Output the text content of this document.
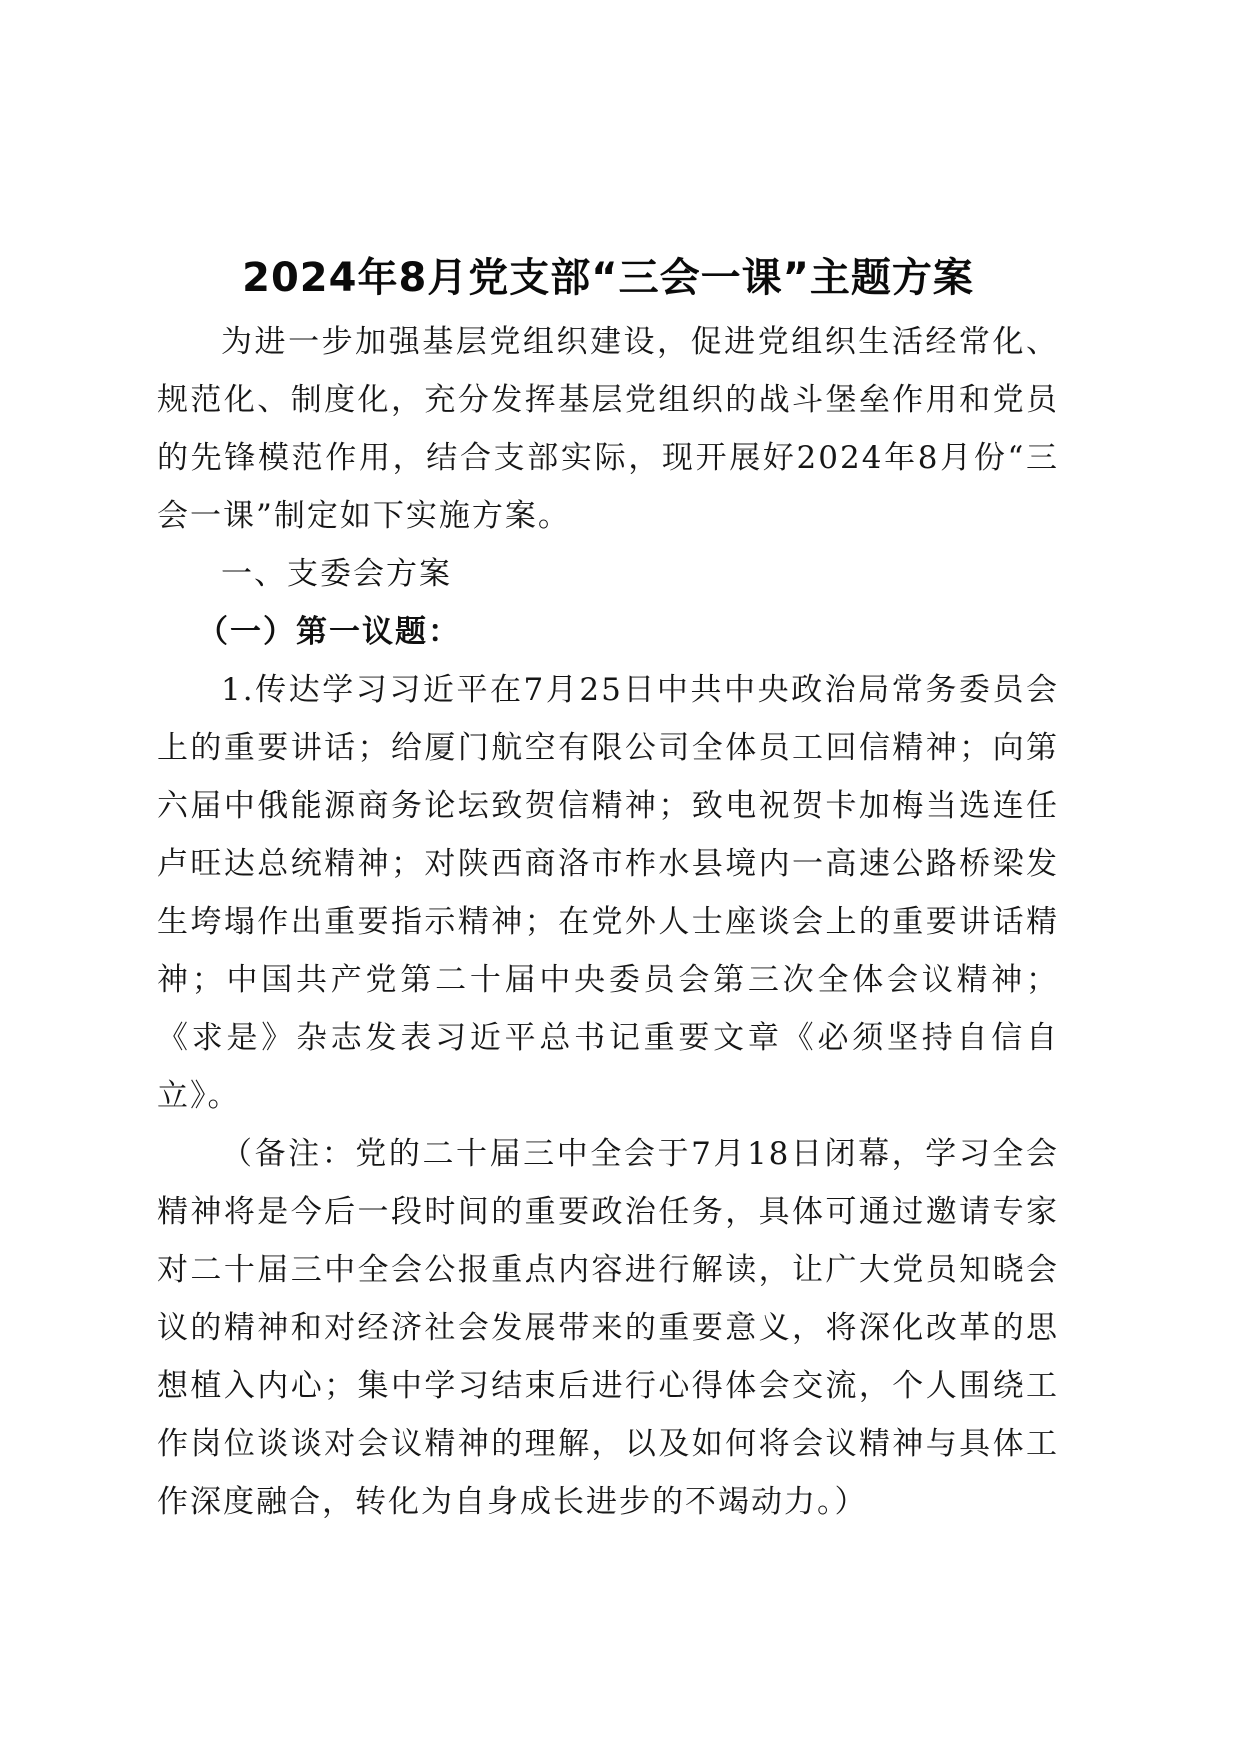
2024年8月党支部“三会一课”主题方案

为进一步加强基层党组织建设，促进党组织生活经常化、规范化、制度化，充分发挥基层党组织的战斗堡垒作用和党员的先锋模范作用，结合支部实际，现开展好2024年8月份“三会一课”制定如下实施方案。

一、支委会方案

（一）第一议题：

1.传达学习习近平在7月25日中共中央政治局常务委员会上的重要讲话；给厦门航空有限公司全体员工回信精神；向第六届中俄能源商务论坛致贺信精神；致电祝贺卡加梅当选连任卢旺达总统精神；对陕西商洛市柞水县境内一高速公路桥梁发生垮塌作出重要指示精神；在党外人士座谈会上的重要讲话精神；中国共产党第二十届中央委员会第三次全体会议精神；《求是》杂志发表习近平总书记重要文章《必须坚持自信自立》。

（备注：党的二十届三中全会于7月18日闭幕，学习全会精神将是今后一段时间的重要政治任务，具体可通过邀请专家对二十届三中全会公报重点内容进行解读，让广大党员知晓会议的精神和对经济社会发展带来的重要意义，将深化改革的思想植入内心；集中学习结束后进行心得体会交流，个人围绕工作岗位谈谈对会议精神的理解，以及如何将会议精神与具体工作深度融合，转化为自身成长进步的不竭动力。）
